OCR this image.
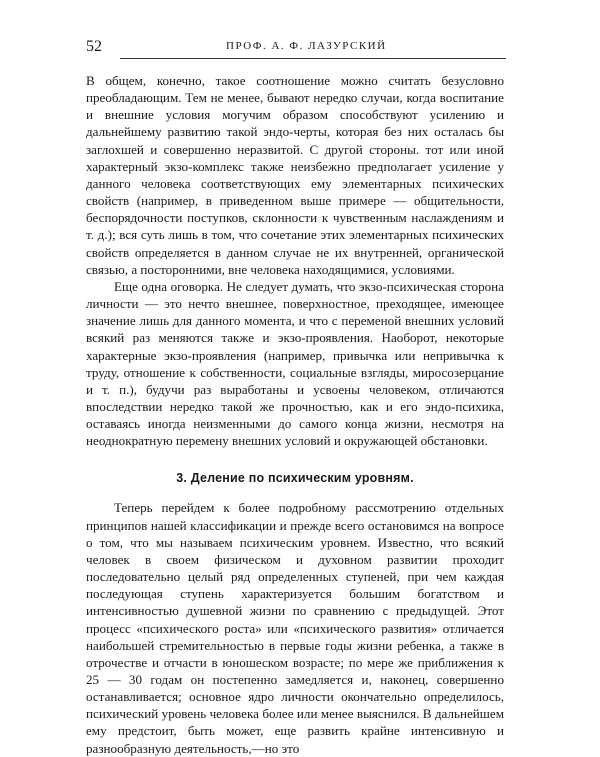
52	ПРОФ. А. Ф. ЛАЗУРСКИЙ

В общем, конечно, такое соотношение можно считать безусловно преобладающим. Тем не менее, бывают нередко случаи, когда воспитание и внешние условия могучим образом способствуют усилению и дальнейшему развитию такой эндо-черты, которая без них осталась бы заглохшей и совершенно неразвитой. С другой стороны. тот или иной характерный экзо-комплекс также неизбежно предполагает усиление у данного человека соответствующих ему элементарных психических свойств (например, в приведенном выше примере — общительности, беспорядочности поступков, склонности к чувственным наслаждениям и т. д.); вся суть лишь в том, что сочетание этих элементарных психических свойств определяется в данном случае не их внутренней, органической связью, а посторонними, вне человека находящимися, условиями.

Еще одна оговорка. Не следует думать, что экзо-психическая сторона личности — это нечто внешнее, поверхностное, преходящее, имеющее значение лишь для данного момента, и что с переменой внешних условий всякий раз меняются также и экзо-проявления. Наоборот, некоторые характерные экзо-проявления (например, привычка или непривычка к труду, отношение к собственности, социальные взгляды, миросозерцание и т. п.), будучи раз выработаны и усвоены человеком, отличаются впоследствии нередко такой же прочностью, как и его эндо-психика, оставаясь иногда неизменными до самого конца жизни, несмотря на неоднократную перемену внешних условий и окружающей обстановки.

3. Деление по психическим уровням.

Теперь перейдем к более подробному рассмотрению отдельных принципов нашей классификации и прежде всего остановимся на вопросе о том, что мы называем психическим уровнем. Известно, что всякий человек в своем физическом и духовном развитии проходит последовательно целый ряд определенных ступеней, при чем каждая последующая ступень характеризуется большим богатством и интенсивностью душевной жизни по сравнению с предыдущей. Этот процесс «психического роста» или «психического развития» отличается наибольшей стремительностью в первые годы жизни ребенка, а также в отрочестве и отчасти в юношеском возрасте; по мере же приближения к 25 — 30 годам он постепенно замедляется и, наконец, совершенно останавливается; основное ядро личности окончательно определилось, психический уровень человека более или менее выяснился. В дальнейшем ему предстоит, быть может, еще развить крайне интенсивную и разнообразную деятельность,—но это
